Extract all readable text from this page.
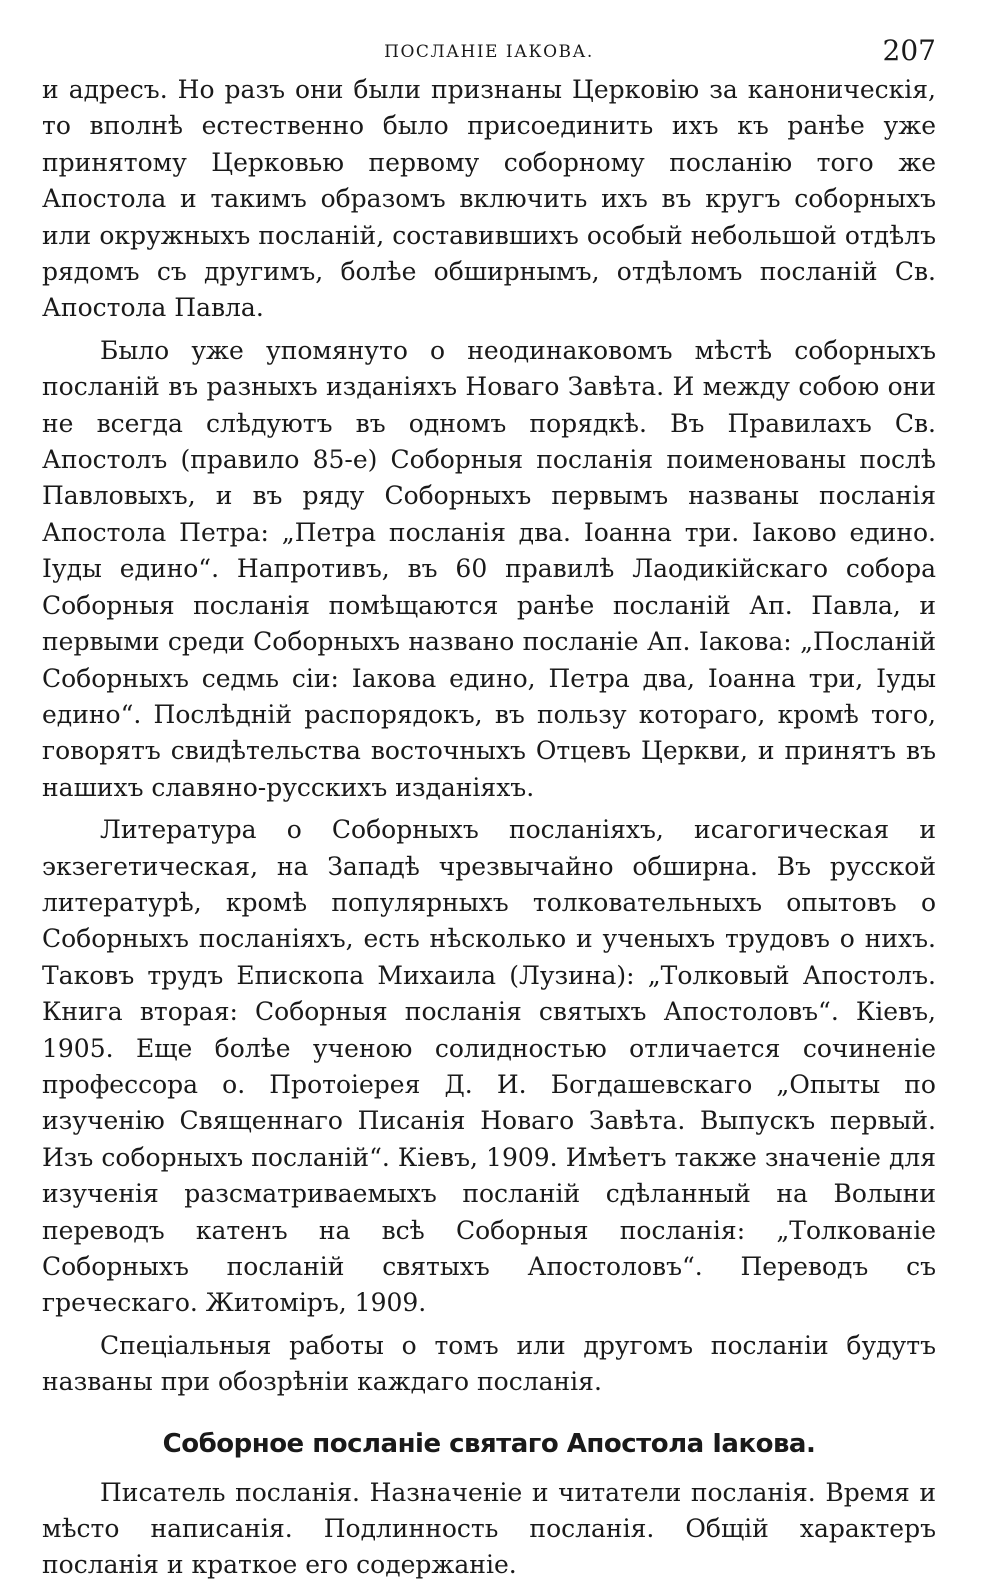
ПОСЛАНІЕ ІАКОВА.	207

и адресъ. Но разъ они были признаны Церковію за каноническія, то вполнѣ естественно было присоединить ихъ къ ранѣе уже принятому Церковью первому соборному посланію того же Апостола и такимъ образомъ включить ихъ въ кругъ соборныхъ или окружныхъ посланій, составившихъ особый небольшой отдѣлъ рядомъ съ другимъ, болѣе обширнымъ, отдѣломъ посланій Св. Апостола Павла.

Было уже упомянуто о неодинаковомъ мѣстѣ соборныхъ посланій въ разныхъ изданіяхъ Новаго Завѣта. И между собою они не всегда слѣдуютъ въ одномъ порядкѣ. Въ Правилахъ Св. Апостолъ (правило 85-е) Соборныя посланія поименованы послѣ Павловыхъ, и въ ряду Соборныхъ первымъ названы посланія Апостола Петра: „Петра посланія два. Іоанна три. Іаково едино. Іуды едино“. Напротивъ, въ 60 правилѣ Лаодикійскаго собора Соборныя посланія помѣщаются ранѣе посланій Ап. Павла, и первыми среди Соборныхъ названо посланіе Ап. Іакова: „Посланій Соборныхъ седмь сіи: Іакова едино, Петра два, Іоанна три, Іуды едино“. Послѣдній распорядокъ, въ пользу котораго, кромѣ того, говорятъ свидѣтельства восточныхъ Отцевъ Церкви, и принятъ въ нашихъ славяно-русскихъ изданіяхъ.

Литература о Соборныхъ посланіяхъ, исагогическая и экзегетическая, на Западѣ чрезвычайно обширна. Въ русской литературѣ, кромѣ популярныхъ толковательныхъ опытовъ о Соборныхъ посланіяхъ, есть нѣсколько и ученыхъ трудовъ о нихъ. Таковъ трудъ Епископа Михаила (Лузина): „Толковый Апостолъ. Книга вторая: Соборныя посланія святыхъ Апостоловъ“. Кіевъ, 1905. Еще болѣе ученою солидностью отличается сочиненіе профессора о. Протоіерея Д. И. Богдашевскаго „Опыты по изученію Священнаго Писанія Новаго Завѣта. Выпускъ первый. Изъ соборныхъ посланій“. Кіевъ, 1909. Имѣетъ также значеніе для изученія разсматриваемыхъ посланій сдѣланный на Волыни переводъ катенъ на всѣ Соборныя посланія: „Толкованіе Соборныхъ посланій святыхъ Апостоловъ“. Переводъ съ греческаго. Житоміръ, 1909.

Спеціальныя работы о томъ или другомъ посланіи будутъ названы при обозрѣніи каждаго посланія.

Соборное посланіе святаго Апостола Іакова.

Писатель посланія. Назначеніе и читатели посланія. Время и мѣсто написанія. Подлинность посланія. Общій характеръ посланія и краткое его содержаніе.
